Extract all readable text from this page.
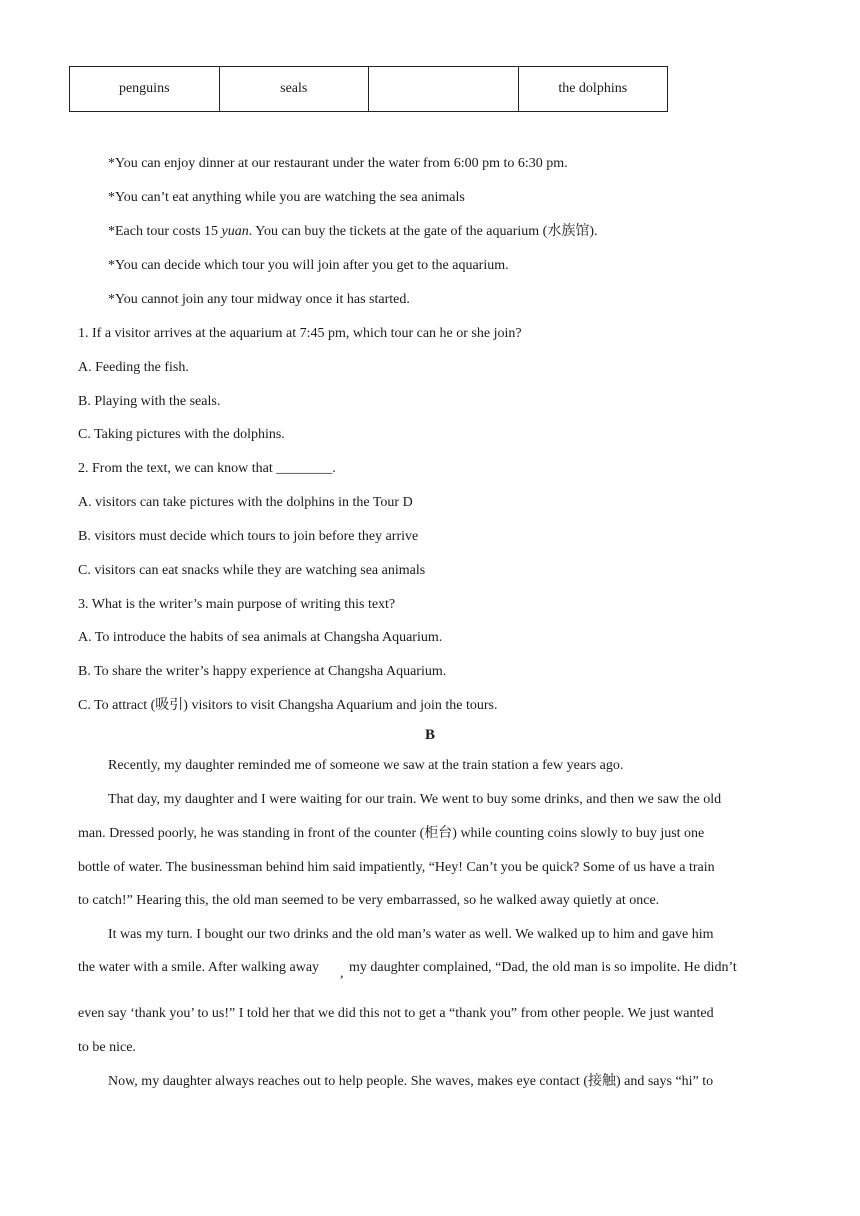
penguins	seals		the dolphins
*You can enjoy dinner at our restaurant under the water from 6:00 pm to 6:30 pm.
*You can’t eat anything while you are watching the sea animals
*Each tour costs 15 yuan. You can buy the tickets at the gate of the aquarium (水族馆).
*You can decide which tour you will join after you get to the aquarium.
*You cannot join any tour midway once it has started.
1. If a visitor arrives at the aquarium at 7:45 pm, which tour can he or she join?
A. Feeding the fish.
B. Playing with the seals.
C. Taking pictures with the dolphins.
2. From the text, we can know that ________.
A. visitors can take pictures with the dolphins in the Tour D
B. visitors must decide which tours to join before they arrive
C. visitors can eat snacks while they are watching sea animals
3. What is the writer’s main purpose of writing this text?
A. To introduce the habits of sea animals at Changsha Aquarium.
B. To share the writer’s happy experience at Changsha Aquarium.
C. To attract (吸引) visitors to visit Changsha Aquarium and join the tours.
B
Recently, my daughter reminded me of someone we saw at the train station a few years ago.
That day, my daughter and I were waiting for our train. We went to buy some drinks, and then we saw the old
man. Dressed poorly, he was standing in front of the counter (柜台) while counting coins slowly to buy just one
bottle of water. The businessman behind him said impatiently, “Hey! Can’t you be quick? Some of us have a train
to catch!” Hearing this, the old man seemed to be very embarrassed, so he walked away quietly at once.
It was my turn. I bought our two drinks and the old man’s water as well. We walked up to him and gave him
the water with a smile. After walking away , my daughter complained, “Dad, the old man is so impolite. He didn’t
even say ‘thank you’ to us!” I told her that we did this not to get a “thank you” from other people. We just wanted
to be nice.
Now, my daughter always reaches out to help people. She waves, makes eye contact (接触) and says “hi” to
